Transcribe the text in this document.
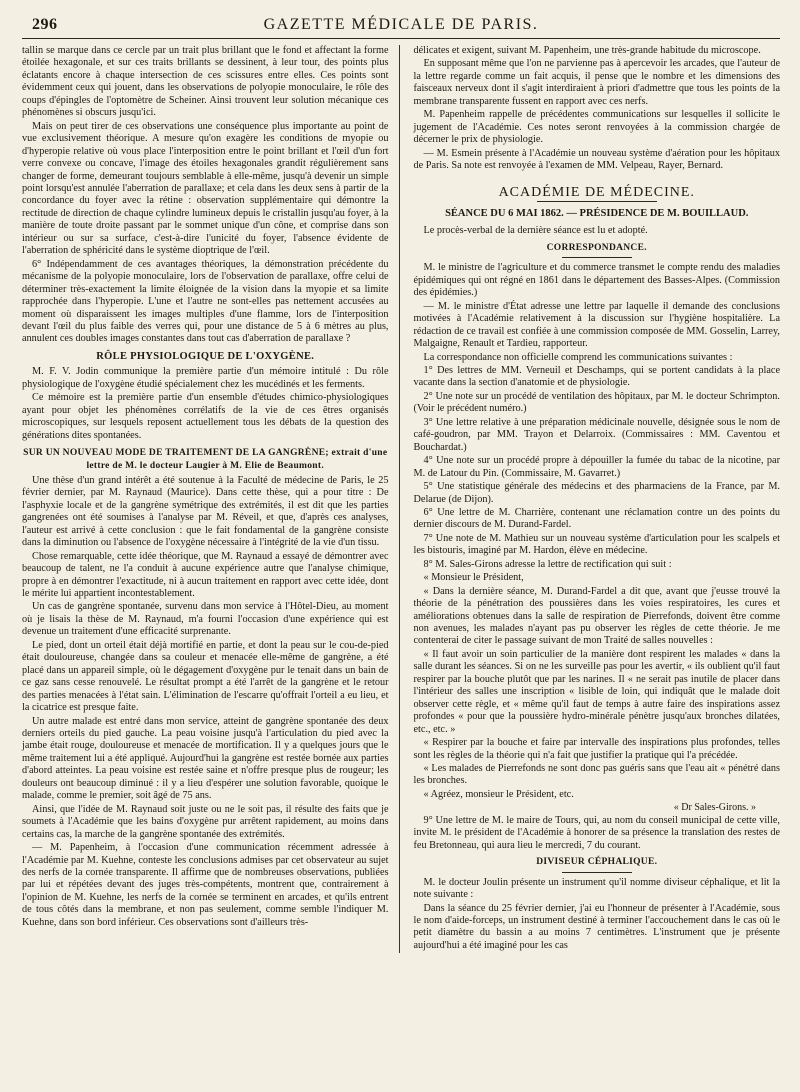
296	GAZETTE MÉDICALE DE PARIS.

tallin se marque dans ce cercle par un trait plus brillant que le fond et affectant la forme étoilée hexagonale, et sur ces traits brillants se dessinent, à leur tour, des points plus éclatants encore à chaque intersection de ces scissures entre elles. Ces points sont évidemment ceux qui jouent, dans les observations de polyopie monoculaire, le rôle des coups d'épingles de l'optomètre de Scheiner. Ainsi trouvent leur solution mécanique ces phénomènes si obscurs jusqu'ici.

Mais on peut tirer de ces observations une conséquence plus importante au point de vue exclusivement théorique. A mesure qu'on exagère les conditions de myopie ou d'hyperopie relative où vous place l'interposition entre le point brillant et l'œil d'un fort verre convexe ou concave, l'image des étoiles hexagonales grandit régulièrement sans changer de forme, demeurant toujours semblable à elle-même, jusqu'à devenir un simple point lorsqu'est annulée l'aberration de parallaxe; et cela dans les deux sens à partir de la concordance du foyer avec la rétine : observation supplémentaire qui démontre la rectitude de direction de chaque cylindre lumineux depuis le cristallin jusqu'au foyer, à la manière de toute droite passant par le sommet unique d'un cône, et comprise dans son intérieur ou sur sa surface, c'est-à-dire l'unicité du foyer, l'absence évidente de l'aberration de sphéricité dans le système dioptrique de l'œil.

6° Indépendamment de ces avantages théoriques, la démonstration précédente du mécanisme de la polyopie monoculaire, lors de l'observation de parallaxe, offre celui de déterminer très-exactement la limite éloignée de la vision dans la myopie et sa limite rapprochée dans l'hyperopie. L'une et l'autre ne sont-elles pas nettement accusées au moment où disparaissent les images multiples d'une flamme, lors de l'interposition devant l'œil du plus faible des verres qui, pour une distance de 5 à 6 mètres au plus, annulent ces doubles images constantes dans tout cas d'aberration de parallaxe ?

RÔLE PHYSIOLOGIQUE DE L'OXYGÈNE.

M. F. V. Jodin communique la première partie d'un mémoire intitulé : Du rôle physiologique de l'oxygène étudié spécialement chez les mucédinés et les ferments.

Ce mémoire est la première partie d'un ensemble d'études chimico-physiologiques ayant pour objet les phénomènes corrélatifs de la vie de ces êtres organisés microscopiques, sur lesquels reposent actuellement tous les débats de la question des générations dites spontanées.

SUR UN NOUVEAU MODE DE TRAITEMENT DE LA GANGRÈNE; extrait d'une lettre de M. le docteur Laugier à M. Elie de Beaumont.

Une thèse d'un grand intérêt a été soutenue à la Faculté de médecine de Paris, le 25 février dernier, par M. Raynaud (Maurice). Dans cette thèse, qui a pour titre : De l'asphyxie locale et de la gangrène symétrique des extrémités, il est dit que les parties gangrenées ont été soumises à l'analyse par M. Réveil, et que, d'après ces analyses, l'auteur est arrivé à cette conclusion : que le fait fondamental de la gangrène consiste dans la diminution ou l'absence de l'oxygène nécessaire à l'intégrité de la vie d'un tissu.

Chose remarquable, cette idée théorique, que M. Raynaud a essayé de démontrer avec beaucoup de talent, ne l'a conduit à aucune expérience autre que l'analyse chimique, propre à en démontrer l'exactitude, ni à aucun traitement en rapport avec cette idée, dont le mérite lui appartient incontestablement.

Un cas de gangrène spontanée, survenu dans mon service à l'Hôtel-Dieu, au moment où je lisais la thèse de M. Raynaud, m'a fourni l'occasion d'une expérience qui est devenue un traitement d'une efficacité surprenante.

Le pied, dont un orteil était déjà mortifié en partie, et dont la peau sur le cou-de-pied était douloureuse, changée dans sa couleur et menacée elle-même de gangrène, a été placé dans un appareil simple, où le dégagement d'oxygène pur le tenait dans un bain de ce gaz sans cesse renouvelé. Le résultat prompt a été l'arrêt de la gangrène et le retour des parties menacées à l'état sain. L'élimination de l'escarre qu'offrait l'orteil a eu lieu, et la cicatrice est presque faite.

Un autre malade est entré dans mon service, atteint de gangrène spontanée des deux derniers orteils du pied gauche. La peau voisine jusqu'à l'articulation du pied avec la jambe était rouge, douloureuse et menacée de mortification. Il y a quelques jours que le même traitement lui a été appliqué. Aujourd'hui la gangrène est restée bornée aux parties d'abord atteintes. La peau voisine est restée saine et n'offre presque plus de rougeur; les douleurs ont beaucoup diminué : il y a lieu d'espérer une solution favorable, quoique le malade, comme le premier, soit âgé de 75 ans.

Ainsi, que l'idée de M. Raynaud soit juste ou ne le soit pas, il résulte des faits que je soumets à l'Académie que les bains d'oxygène pur arrêtent rapidement, au moins dans certains cas, la marche de la gangrène spontanée des extrémités.

— M. Papenheim, à l'occasion d'une communication récemment adressée à l'Académie par M. Kuehne, conteste les conclusions admises par cet observateur au sujet des nerfs de la cornée transparente. Il affirme que de nombreuses observations, publiées par lui et répétées devant des juges très-compétents, montrent que, contrairement à l'opinion de M. Kuehne, les nerfs de la cornée se terminent en arcades, et qu'ils entrent de tous côtés dans la membrane, et non pas seulement, comme semble l'indiquer M. Kuehne, dans son bord inférieur. Ces observations sont d'ailleurs très-

délicates et exigent, suivant M. Papenheim, une très-grande habitude du microscope.

En supposant même que l'on ne parvienne pas à apercevoir les arcades, que l'auteur de la lettre regarde comme un fait acquis, il pense que le nombre et les dimensions des faisceaux nerveux dont il s'agit interdiraient à priori d'admettre que tous les points de la membrane transparente fussent en rapport avec ces nerfs.

M. Papenheim rappelle de précédentes communications sur lesquelles il sollicite le jugement de l'Académie. Ces notes seront renvoyées à la commission chargée de décerner le prix de physiologie.

— M. Esmein présente à l'Académie un nouveau système d'aération pour les hôpitaux de Paris. Sa note est renvoyée à l'examen de MM. Velpeau, Rayer, Bernard.

ACADÉMIE DE MÉDECINE.
SÉANCE DU 6 MAI 1862. — PRÉSIDENCE DE M. BOUILLAUD.

Le procès-verbal de la dernière séance est lu et adopté.

CORRESPONDANCE.

M. le ministre de l'agriculture et du commerce transmet le compte rendu des maladies épidémiques qui ont régné en 1861 dans le département des Basses-Alpes. (Commission des épidémies.)

— M. le ministre d'État adresse une lettre par laquelle il demande des conclusions motivées à l'Académie relativement à la discussion sur l'hygiène hospitalière. La rédaction de ce travail est confiée à une commission composée de MM. Gosselin, Larrey, Malgaigne, Renault et Tardieu, rapporteur.

La correspondance non officielle comprend les communications suivantes :

1° Des lettres de MM. Verneuil et Deschamps, qui se portent candidats à la place vacante dans la section d'anatomie et de physiologie.

2° Une note sur un procédé de ventilation des hôpitaux, par M. le docteur Schrimpton. (Voir le précédent numéro.)

3° Une lettre relative à une préparation médicinale nouvelle, désignée sous le nom de café-goudron, par MM. Trayon et Delarroix. (Commissaires : MM. Caventou et Bouchardat.)

4° Une note sur un procédé propre à dépouiller la fumée du tabac de la nicotine, par M. de Latour du Pin. (Commissaire, M. Gavarret.)

5° Une statistique générale des médecins et des pharmaciens de la France, par M. Delarue (de Dijon).

6° Une lettre de M. Charrière, contenant une réclamation contre un des points du dernier discours de M. Durand-Fardel.

7° Une note de M. Mathieu sur un nouveau système d'articulation pour les scalpels et les bistouris, imaginé par M. Hardon, élève en médecine.

8° M. Sales-Girons adresse la lettre de rectification qui suit :

« Monsieur le Président,

« Dans la dernière séance, M. Durand-Fardel a dit que, avant que j'eusse trouvé la théorie de la pénétration des poussières dans les voies respiratoires, les cures et améliorations obtenues dans la salle de respiration de Pierrefonds, doivent être comme non avenues, les malades n'ayant pas pu observer les règles de cette théorie. Je me contenterai de citer le passage suivant de mon Traité de salles nouvelles :

« Il faut avoir un soin particulier de la manière dont respirent les malades « dans la salle durant les séances. Si on ne les surveille pas pour les avertir, « ils oublient qu'il faut respirer par la bouche plutôt que par les narines. Il « ne serait pas inutile de placer dans l'intérieur des salles une inscription « lisible de loin, qui indiquât que le malade doit observer cette règle, et « même qu'il faut de temps à autre faire des inspirations assez profondes « pour que la poussière hydro-minérale pénètre jusqu'aux bronches dilatées, etc., etc. »

« Respirer par la bouche et faire par intervalle des inspirations plus profondes, telles sont les règles de la théorie qui n'a fait que justifier la pratique qui l'a précédée.

« Les malades de Pierrefonds ne sont donc pas guéris sans que l'eau ait « pénétré dans les bronches.

« Agréez, monsieur le Président, etc.

« Dr Sales-Girons. »

9° Une lettre de M. le maire de Tours, qui, au nom du conseil municipal de cette ville, invite M. le président de l'Académie à honorer de sa présence la translation des restes de feu Bretonneau, qui aura lieu le mercredi, 7 du courant.

DIVISEUR CÉPHALIQUE.

M. le docteur Joulin présente un instrument qu'il nomme diviseur céphalique, et lit la note suivante :

Dans la séance du 25 février dernier, j'ai eu l'honneur de présenter à l'Académie, sous le nom d'aide-forceps, un instrument destiné à terminer l'accouchement dans le cas où le petit diamètre du bassin a au moins 7 centimètres. L'instrument que je présente aujourd'hui a été imaginé pour les cas
